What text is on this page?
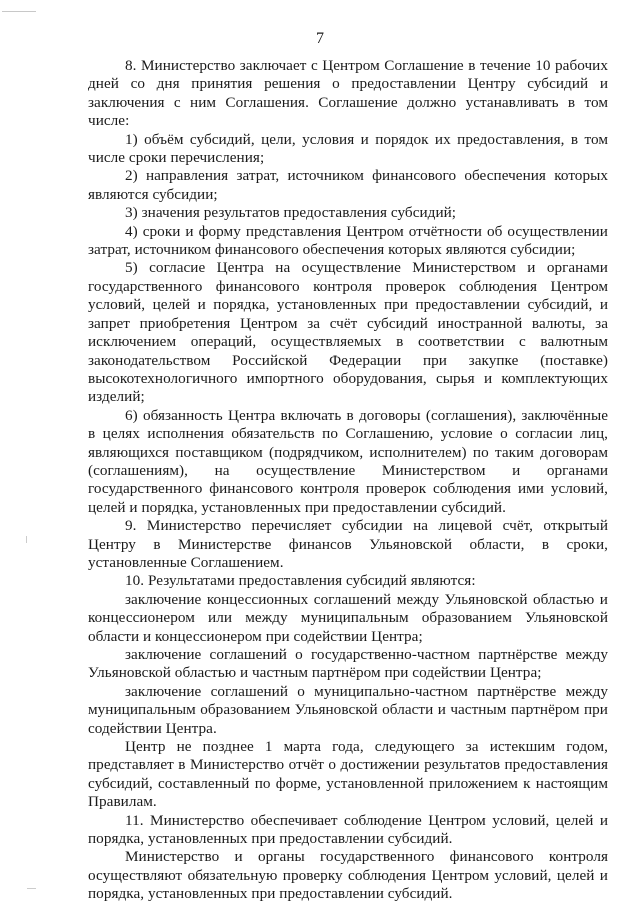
7

8. Министерство заключает с Центром Соглашение в течение 10 рабочих дней со дня принятия решения о предоставлении Центру субсидий и заключения с ним Соглашения. Соглашение должно устанавливать в том числе:

1) объём субсидий, цели, условия и порядок их предоставления, в том числе сроки перечисления;

2) направления затрат, источником финансового обеспечения которых являются субсидии;

3) значения результатов предоставления субсидий;

4) сроки и форму представления Центром отчётности об осуществлении затрат, источником финансового обеспечения которых являются субсидии;

5) согласие Центра на осуществление Министерством и органами государственного финансового контроля проверок соблюдения Центром условий, целей и порядка, установленных при предоставлении субсидий, и запрет приобретения Центром за счёт субсидий иностранной валюты, за исключением операций, осуществляемых в соответствии с валютным законодательством Российской Федерации при закупке (поставке) высокотехнологичного импортного оборудования, сырья и комплектующих изделий;

6) обязанность Центра включать в договоры (соглашения), заключённые в целях исполнения обязательств по Соглашению, условие о согласии лиц, являющихся поставщиком (подрядчиком, исполнителем) по таким договорам (соглашениям), на осуществление Министерством и органами государственного финансового контроля проверок соблюдения ими условий, целей и порядка, установленных при предоставлении субсидий.

9. Министерство перечисляет субсидии на лицевой счёт, открытый Центру в Министерстве финансов Ульяновской области, в сроки, установленные Соглашением.

10. Результатами предоставления субсидий являются:

заключение концессионных соглашений между Ульяновской областью и концессионером или между муниципальным образованием Ульяновской области и концессионером при содействии Центра;

заключение соглашений о государственно-частном партнёрстве между Ульяновской областью и частным партнёром при содействии Центра;

заключение соглашений о муниципально-частном партнёрстве между муниципальным образованием Ульяновской области и частным партнёром при содействии Центра.

Центр не позднее 1 марта года, следующего за истекшим годом, представляет в Министерство отчёт о достижении результатов предоставления субсидий, составленный по форме, установленной приложением к настоящим Правилам.

11. Министерство обеспечивает соблюдение Центром условий, целей и порядка, установленных при предоставлении субсидий.

Министерство и органы государственного финансового контроля осуществляют обязательную проверку соблюдения Центром условий, целей и порядка, установленных при предоставлении субсидий.
